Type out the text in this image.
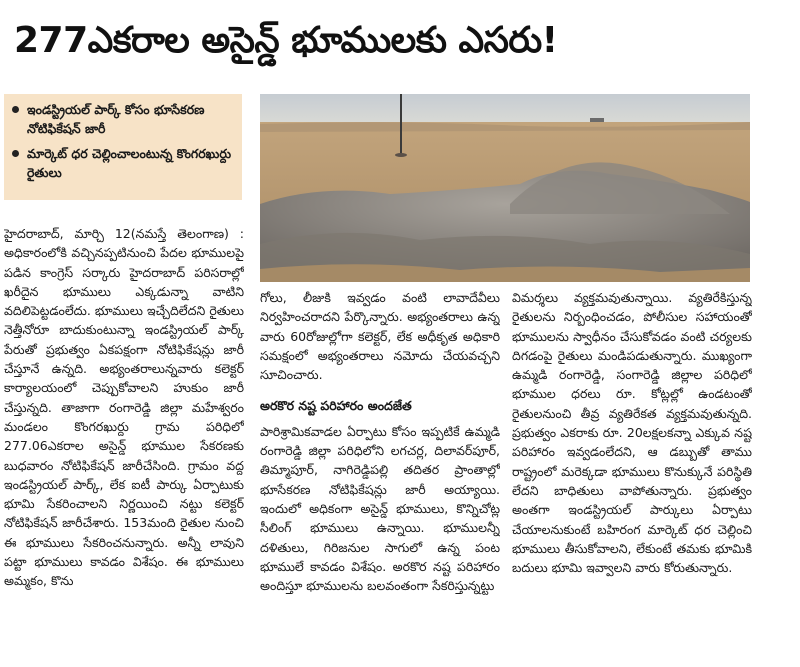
277ఎకరాల అసైన్డ్ భూములకు ఎసరు!
ఇండస్ట్రియల్ పార్క్ కోసం భూసేకరణ నోటిఫికేషన్ జారీ
మార్కెట్ ధర చెల్లించాలంటున్న కొంగరఖుర్దు రైతులు

హైదరాబాద్, మార్చి 12(నమస్తే తెలంగాణ) : అధికారంలోకి వచ్చినప్పటినుంచి పేదల భూములపై పడిన కాంగ్రెస్ సర్కారు హైదరాబాద్ పరిసరాల్లో ఖరీదైన భూములు ఎక్కడున్నా వాటిని వదిలిపెట్టడంలేదు. భూములు ఇచ్చేదిలేదని రైతులు నెత్తీనోరూ బాదుకుంటున్నా ఇండస్ట్రియల్ పార్క్ పేరుతో ప్రభుత్వం ఏకపక్షంగా నోటిఫికేషన్లు జారీ చేస్తూనే ఉన్నది. అభ్యంతరాలున్నవారు కలెక్టర్ కార్యాలయంలో చెప్పుకోవాలని హుకుం జారీ చేస్తున్నది. తాజాగా రంగారెడ్డి జిల్లా మహేశ్వరం మండలం కొంగరఖుర్దు గ్రామ పరిధిలో 277.06ఎకరాల అసైన్డ్ భూముల సేకరణకు బుధవారం నోటిఫికేషన్ జారీచేసింది. గ్రామం వద్ద ఇండస్ట్రియల్ పార్క్, లేక ఐటీ పార్కు ఏర్పాటుకు భూమి సేకరించాలని నిర్ణయించి నట్టు కలెక్టర్ నోటిఫికేషన్ జారీచేశారు. 153మంది రైతుల నుంచి ఈ భూములు సేకరించనున్నారు. అన్నీ లావుని పట్టా భూములు కావడం విశేషం. ఈ భూములు అమ్మకం, కొను

గోలు, లీజుకి ఇవ్వడం వంటి లావాదేవీలు నిర్వహించరాదని పేర్కొన్నారు. అభ్యంతరాలు ఉన్న వారు 60రోజుల్లోగా కలెక్టర్, లేక అధీకృత అధికారి సమక్షంలో అభ్యంతరాలు నమోదు చేయవచ్చని సూచించారు.

అరకొర నష్ట పరిహారం అందజేత

పారిశ్రామికవాడల ఏర్పాటు కోసం ఇప్పటికే ఉమ్మడి రంగారెడ్డి జిల్లా పరిధిలోని లగచర్ల, దిలావర్‌పూర్, తిమ్మాపూర్, నాగిరెడ్డిపల్లి తదితర ప్రాంతాల్లో భూసేకరణ నోటిఫికేషన్లు జారీ అయ్యాయి. ఇందులో అధికంగా అసైన్డ్ భూములు, కొన్నిచోట్ల సీలింగ్ భూములు ఉన్నాయి. భూములన్నీ దళితులు, గిరిజనుల సాగులో ఉన్న పంట భూములే కావడం విశేషం. అరకొర నష్ట పరిహారం అందిస్తూ భూములను బలవంతంగా సేకరిస్తున్నట్టు

విమర్శలు వ్యక్తమవుతున్నాయి. వ్యతిరేకిస్తున్న రైతులను నిర్బంధించడం, పోలీసుల సహాయంతో భూములను స్వాధీనం చేసుకోవడం వంటి చర్యలకు దిగడంపై రైతులు మండిపడుతున్నారు. ముఖ్యంగా ఉమ్మడి రంగారెడ్డి, సంగారెడ్డి జిల్లాల పరిధిలో భూముల ధరలు రూ. కోట్లల్లో ఉండటంతో రైతులనుంచి తీవ్ర వ్యతిరేకత వ్యక్తమవుతున్నది. ప్రభుత్వం ఎకరాకు రూ. 20లక్షలకన్నా ఎక్కువ నష్ట పరిహారం ఇవ్వడంలేదని, ఆ డబ్బుతో తాము రాష్ట్రంలో మరెక్కడా భూములు కొనుక్కునే పరిస్థితి లేదని బాధితులు వాపోతున్నారు. ప్రభుత్వం అంతగా ఇండస్ట్రియల్ పార్కులు ఏర్పాటు చేయాలనుకుంటే బహిరంగ మార్కెట్ ధర చెల్లించి భూములు తీసుకోవాలని, లేకుంటే తమకు భూమికి బదులు భూమి ఇవ్వాలని వారు కోరుతున్నారు.
